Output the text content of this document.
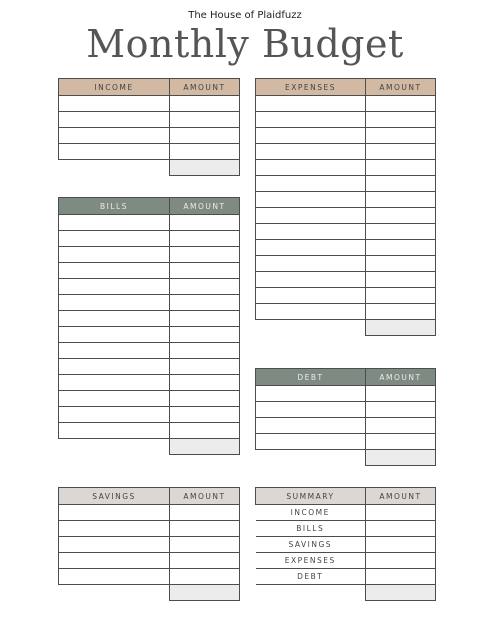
The House of Plaidfuzz
Monthly Budget
INCOME	AMOUNT

		EXPENSES	AMOUNT

BILLS	AMOUNT

DEBT	AMOUNT

SAVINGS	AMOUNT

		SUMMARY	AMOUNT
INCOME	
BILLS	
SAVINGS	
EXPENSES	
DEBT	
